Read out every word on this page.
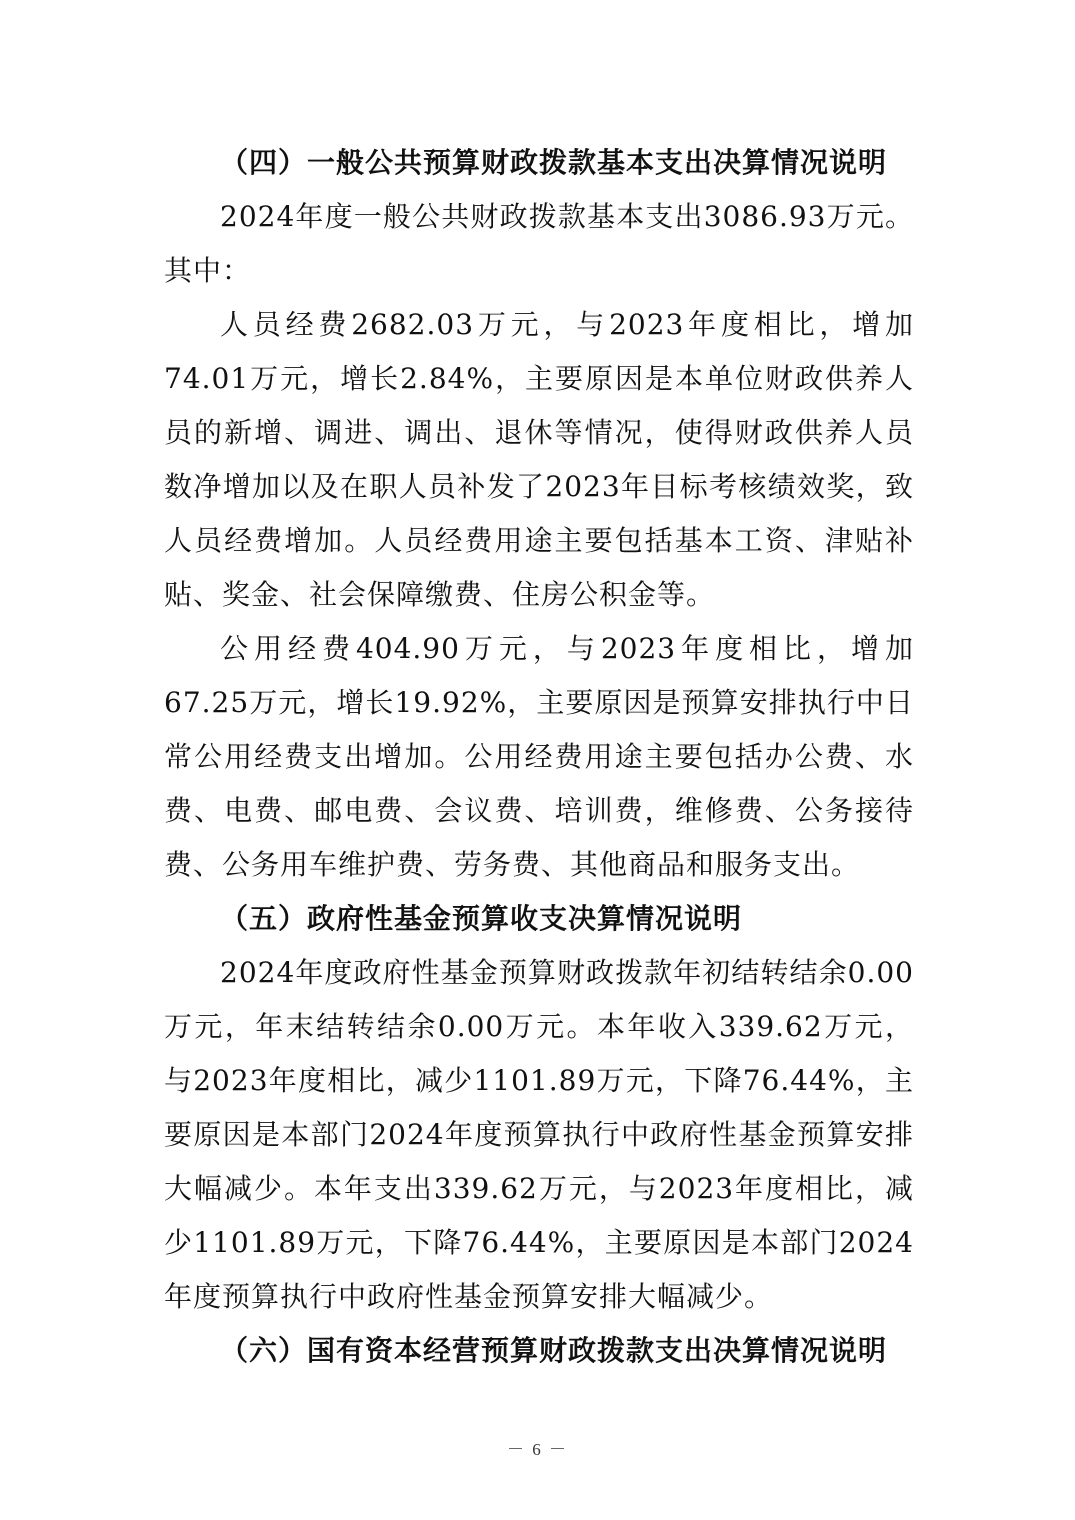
（四）一般公共预算财政拨款基本支出决算情况说明

2024年度一般公共财政拨款基本支出3086.93万元。其中：

人员经费2682.03万元，与2023年度相比，增加74.01万元，增长2.84%，主要原因是本单位财政供养人员的新增、调进、调出、退休等情况，使得财政供养人员数净增加以及在职人员补发了2023年目标考核绩效奖，致人员经费增加。人员经费用途主要包括基本工资、津贴补贴、奖金、社会保障缴费、住房公积金等。

公用经费404.90万元，与2023年度相比，增加67.25万元，增长19.92%，主要原因是预算安排执行中日常公用经费支出增加。公用经费用途主要包括办公费、水费、电费、邮电费、会议费、培训费，维修费、公务接待费、公务用车维护费、劳务费、其他商品和服务支出。

（五）政府性基金预算收支决算情况说明

2024年度政府性基金预算财政拨款年初结转结余0.00万元，年末结转结余0.00万元。本年收入339.62万元，与2023年度相比，减少1101.89万元，下降76.44%，主要原因是本部门2024年度预算执行中政府性基金预算安排大幅减少。本年支出339.62万元，与2023年度相比，减少1101.89万元，下降76.44%，主要原因是本部门2024年度预算执行中政府性基金预算安排大幅减少。

（六）国有资本经营预算财政拨款支出决算情况说明

－ 6 －
